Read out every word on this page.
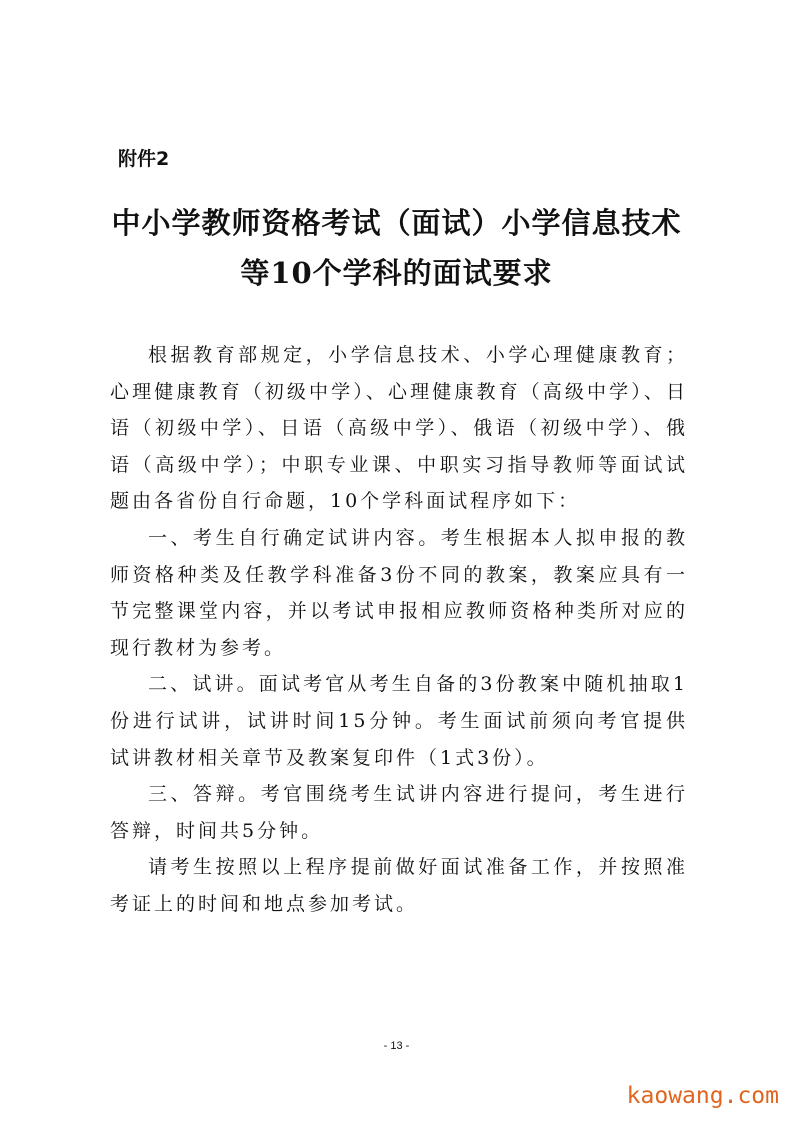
附件2
中小学教师资格考试（面试）小学信息技术
等10个学科的面试要求

根据教育部规定，小学信息技术、小学心理健康教育；心理健康教育（初级中学）、心理健康教育（高级中学）、日语（初级中学）、日语（高级中学）、俄语（初级中学）、俄语（高级中学）；中职专业课、中职实习指导教师等面试试题由各省份自行命题，10个学科面试程序如下：

一、考生自行确定试讲内容。考生根据本人拟申报的教师资格种类及任教学科准备3份不同的教案，教案应具有一节完整课堂内容，并以考试申报相应教师资格种类所对应的现行教材为参考。

二、试讲。面试考官从考生自备的3份教案中随机抽取1份进行试讲，试讲时间15分钟。考生面试前须向考官提供试讲教材相关章节及教案复印件（1式3份）。

三、答辩。考官围绕考生试讲内容进行提问，考生进行答辩，时间共5分钟。

请考生按照以上程序提前做好面试准备工作，并按照准考证上的时间和地点参加考试。

- 13 -
kaowang.com
